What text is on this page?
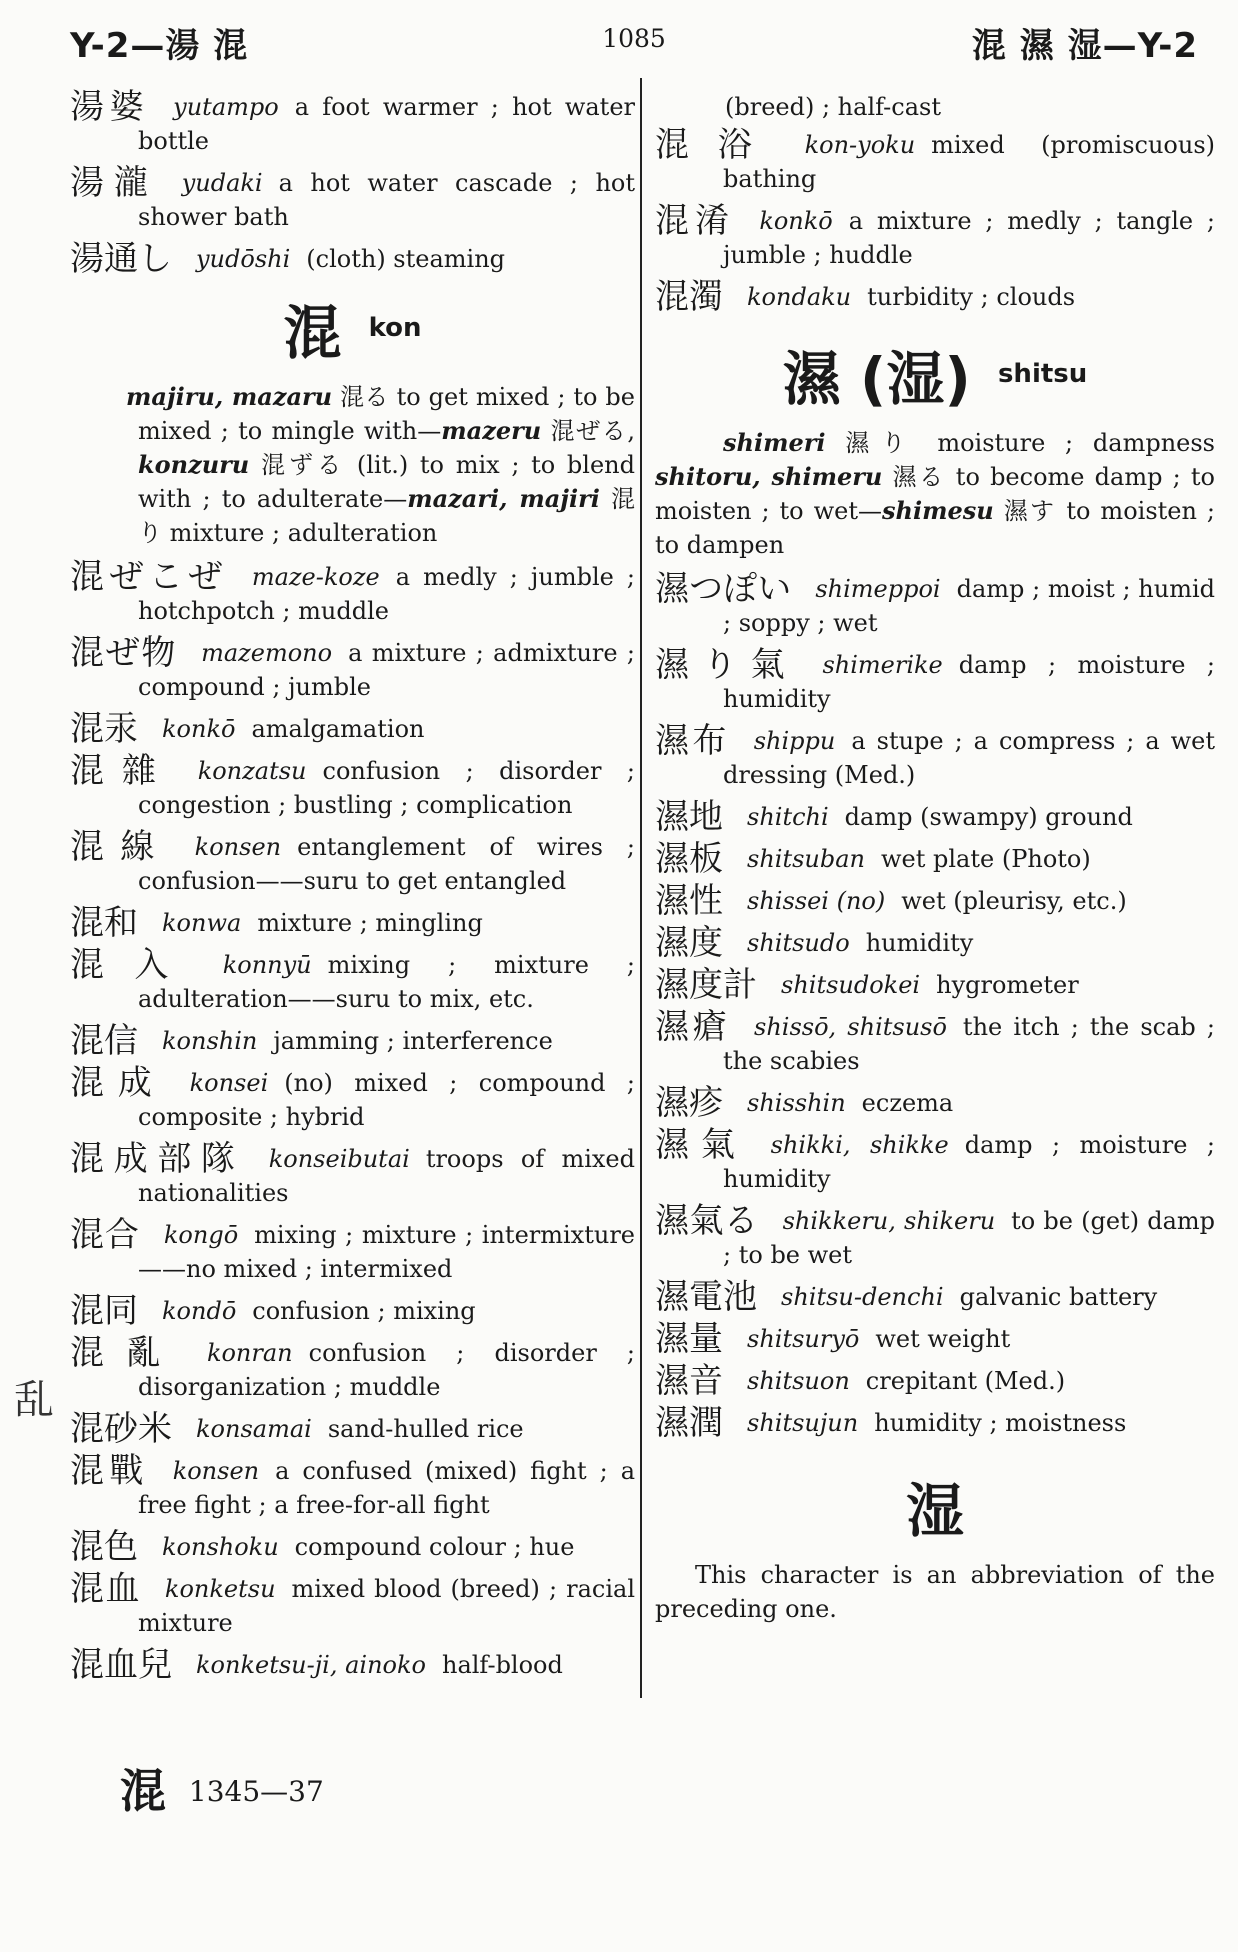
Y-2—湯 混	1085	混 濕 湿—Y-2
乱

湯婆 yutampo a foot warmer ; hot water bottle

湯瀧 yudaki a hot water cascade ; hot shower bath

湯通し yudōshi (cloth) steaming

混 kon

majiru, mazaru 混る to get mixed ; to be mixed ; to mingle with—mazeru 混ぜる, konzuru 混ずる (lit.) to mix ; to blend with ; to adulterate—mazari, majiri 混り mixture ; adulteration

混ぜこぜ maze-koze a medly ; jumble ; hotchpotch ; muddle

混ぜ物 mazemono a mixture ; admixture ; compound ; jumble

混汞 konkō amalgamation

混雜 konzatsu confusion ; disorder ; congestion ; bustling ; complication

混線 konsen entanglement of wires ; confusion——suru to get entangled

混和 konwa mixture ; mingling

混入 konnyū mixing ; mixture ; adulteration——suru to mix, etc.

混信 konshin jamming ; interference

混成 konsei (no) mixed ; compound ; composite ; hybrid

混成部隊 konseibutai troops of mixed nationalities

混合 kongō mixing ; mixture ; intermixture——no mixed ; intermixed

混同 kondō confusion ; mixing

混亂 konran confusion ; disorder ; disorganization ; muddle

混砂米 konsamai sand-hulled rice

混戰 konsen a confused (mixed) fight ; a free fight ; a free-for-all fight

混色 konshoku compound colour ; hue

混血 konketsu mixed blood (breed) ; racial mixture

混血兒 konketsu-ji, ainoko half-blood

(breed) ; half-cast

混浴 kon-yoku mixed (promiscuous) bathing

混淆 konkō a mixture ; medly ; tangle ; jumble ; huddle

混濁 kondaku turbidity ; clouds

濕 (湿) shitsu

shimeri 濕り moisture ; dampness shitoru, shimeru 濕る to become damp ; to moisten ; to wet—shimesu 濕す to moisten ; to dampen

濕つぽい shimeppoi damp ; moist ; humid ; soppy ; wet

濕り氣 shimerike damp ; moisture ; humidity

濕布 shippu a stupe ; a compress ; a wet dressing (Med.)

濕地 shitchi damp (swampy) ground

濕板 shitsuban wet plate (Photo)

濕性 shissei (no) wet (pleurisy, etc.)

濕度 shitsudo humidity

濕度計 shitsudokei hygrometer

濕瘡 shissō, shitsusō the itch ; the scab ; the scabies

濕疹 shisshin eczema

濕氣 shikki, shikke damp ; moisture ; humidity

濕氣る shikkeru, shikeru to be (get) damp ; to be wet

濕電池 shitsu-denchi galvanic battery

濕量 shitsuryō wet weight

濕音 shitsuon crepitant (Med.)

濕潤 shitsujun humidity ; moistness

湿

This character is an abbreviation of the preceding one.

混 1345—37
